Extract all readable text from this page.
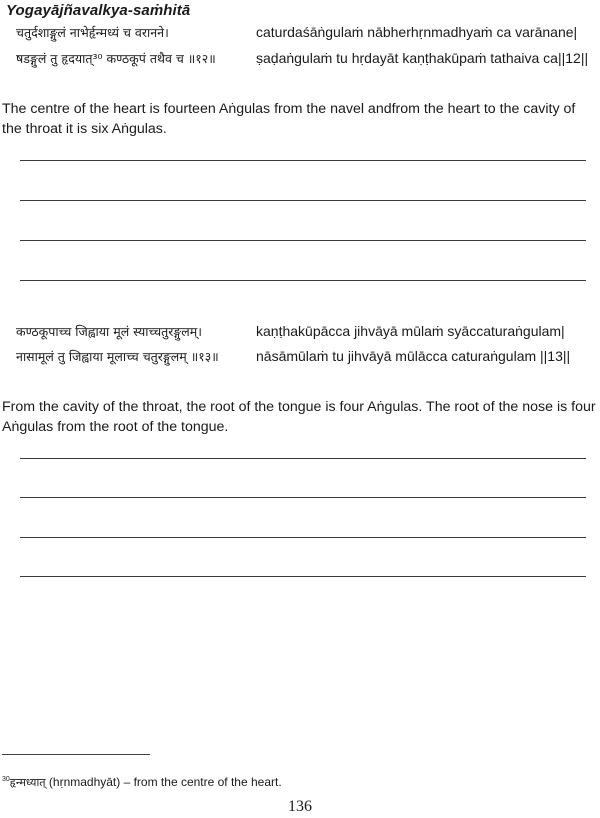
Yogayājñavalkya-saṁhitā
चतुर्दशाङ्गुलं नाभेर्हृन्मध्यं च वरानने।	caturdaśāṅgulaṁ nābherhṛnmadhyaṁ ca varānane|
षडङ्गुलं तु हृदयात्³⁰ कण्ठकूपं तथैव च ॥१२॥	ṣaḍaṅgulaṁ tu hṛdayāt kaṇṭhakūpaṁ tathaiva ca||12||

The centre of the heart is fourteen Aṅgulas from the navel andfrom the heart to the cavity of the throat it is six Aṅgulas.

कण्ठकूपाच्च जिह्वाया मूलं स्याच्चतुरङ्गुलम्।	kaṇṭhakūpācca jihvāyā mūlaṁ syāccaturaṅgulam|
नासामूलं तु जिह्वाया मूलाच्च चतुरङ्गुलम् ॥१३॥	nāsāmūlaṁ tu jihvāyā mūlācca caturaṅgulam ||13||

From the cavity of the throat, the root of the tongue is four Aṅgulas. The root of the nose is four Aṅgulas from the root of the tongue.

$^{30}$हृन्मध्यात् (hṛnmadhyāt) – from the centre of the heart.
136
